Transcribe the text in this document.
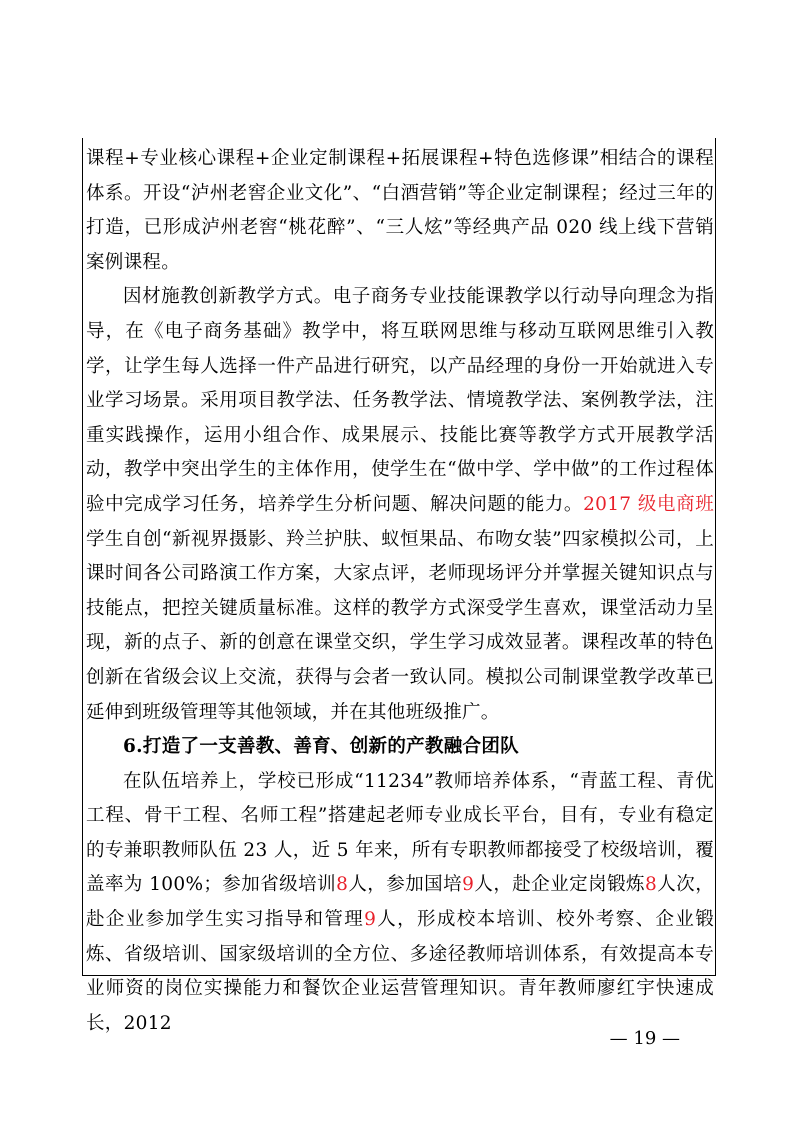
课程+专业核心课程+企业定制课程+拓展课程+特色选修课”相结合的课程体系。开设“泸州老窖企业文化”、“白酒营销”等企业定制课程；经过三年的打造，已形成泸州老窖“桃花醉”、“三人炫”等经典产品 020 线上线下营销案例课程。

因材施教创新教学方式。电子商务专业技能课教学以行动导向理念为指导，在《电子商务基础》教学中，将互联网思维与移动互联网思维引入教学，让学生每人选择一件产品进行研究，以产品经理的身份一开始就进入专业学习场景。采用项目教学法、任务教学法、情境教学法、案例教学法，注重实践操作，运用小组合作、成果展示、技能比赛等教学方式开展教学活动，教学中突出学生的主体作用，使学生在“做中学、学中做”的工作过程体验中完成学习任务，培养学生分析问题、解决问题的能力。2017 级电商班学生自创“新视界摄影、羚兰护肤、蚁恒果品、布吻女装”四家模拟公司，上课时间各公司路演工作方案，大家点评，老师现场评分并掌握关键知识点与技能点，把控关键质量标准。这样的教学方式深受学生喜欢，课堂活动力呈现，新的点子、新的创意在课堂交织，学生学习成效显著。课程改革的特色创新在省级会议上交流，获得与会者一致认同。模拟公司制课堂教学改革已延伸到班级管理等其他领域，并在其他班级推广。

6.打造了一支善教、善育、创新的产教融合团队

在队伍培养上，学校已形成“11234”教师培养体系，“青蓝工程、青优工程、骨干工程、名师工程”搭建起老师专业成长平台，目有，专业有稳定的专兼职教师队伍 23 人，近 5 年来，所有专职教师都接受了校级培训，覆盖率为 100%；参加省级培训8人，参加国培9人，赴企业定岗锻炼8人次，赴企业参加学生实习指导和管理9人，形成校本培训、校外考察、企业锻炼、省级培训、国家级培训的全方位、多途径教师培训体系，有效提高本专业师资的岗位实操能力和餐饮企业运营管理知识。青年教师廖红宇快速成长，2012

— 19 —
